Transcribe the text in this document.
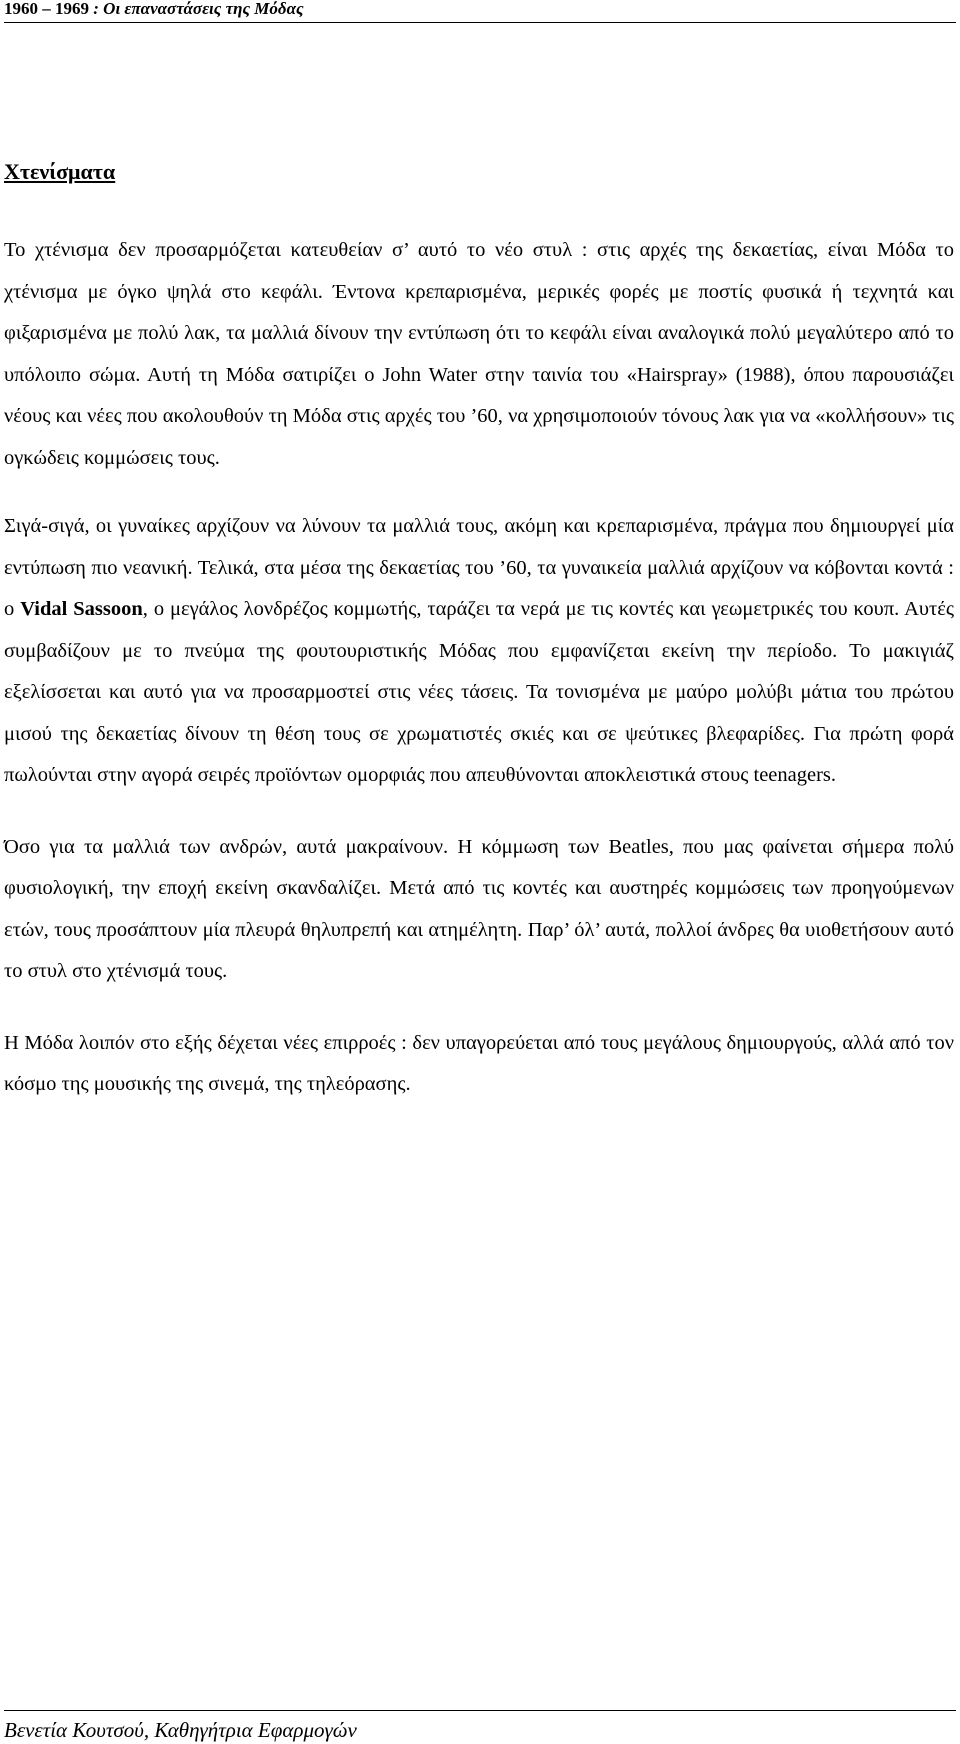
1960 – 1969 : Οι επαναστάσεις της Μόδας
Χτενίσματα

Το χτένισμα δεν προσαρμόζεται κατευθείαν σ’ αυτό το νέο στυλ : στις αρχές της δεκαετίας, είναι Μόδα το χτένισμα με όγκο ψηλά στο κεφάλι. Έντονα κρεπαρισμένα, μερικές φορές με ποστίς φυσικά ή τεχνητά και φιξαρισμένα με πολύ λακ, τα μαλλιά δίνουν την εντύπωση ότι το κεφάλι είναι αναλογικά πολύ μεγαλύτερο από το υπόλοιπο σώμα. Αυτή τη Μόδα σατιρίζει ο John Water στην ταινία του «Hairspray» (1988), όπου παρουσιάζει νέους και νέες που ακολουθούν τη Μόδα στις αρχές του ’60, να χρησιμοποιούν τόνους λακ για να «κολλήσουν» τις ογκώδεις κομμώσεις τους.

Σιγά-σιγά, οι γυναίκες αρχίζουν να λύνουν τα μαλλιά τους, ακόμη και κρεπαρισμένα, πράγμα που δημιουργεί μία εντύπωση πιο νεανική. Τελικά, στα μέσα της δεκαετίας του ’60, τα γυναικεία μαλλιά αρχίζουν να κόβονται κοντά : ο Vidal Sassoon, ο μεγάλος λονδρέζος κομμωτής, ταράζει τα νερά με τις κοντές και γεωμετρικές του κουπ. Αυτές συμβαδίζουν με το πνεύμα της φουτουριστικής Μόδας που εμφανίζεται εκείνη την περίοδο. Το μακιγιάζ εξελίσσεται και αυτό για να προσαρμοστεί στις νέες τάσεις. Τα τονισμένα με μαύρο μολύβι μάτια του πρώτου μισού της δεκαετίας δίνουν τη θέση τους σε χρωματιστές σκιές και σε ψεύτικες βλεφαρίδες. Για πρώτη φορά πωλούνται στην αγορά σειρές προϊόντων ομορφιάς που απευθύνονται αποκλειστικά στους teenagers.

Όσο για τα μαλλιά των ανδρών, αυτά μακραίνουν. Η κόμμωση των Beatles, που μας φαίνεται σήμερα πολύ φυσιολογική, την εποχή εκείνη σκανδαλίζει. Μετά από τις κοντές και αυστηρές κομμώσεις των προηγούμενων ετών, τους προσάπτουν μία πλευρά θηλυπρεπή και ατημέλητη. Παρ’ όλ’ αυτά, πολλοί άνδρες θα υιοθετήσουν αυτό το στυλ στο χτένισμά τους.

Η Μόδα λοιπόν στο εξής δέχεται νέες επιρροές : δεν υπαγορεύεται από τους μεγάλους δημιουργούς, αλλά από τον κόσμο της μουσικής της σινεμά, της τηλεόρασης.

Βενετία Κουτσού, Καθηγήτρια Εφαρμογών
